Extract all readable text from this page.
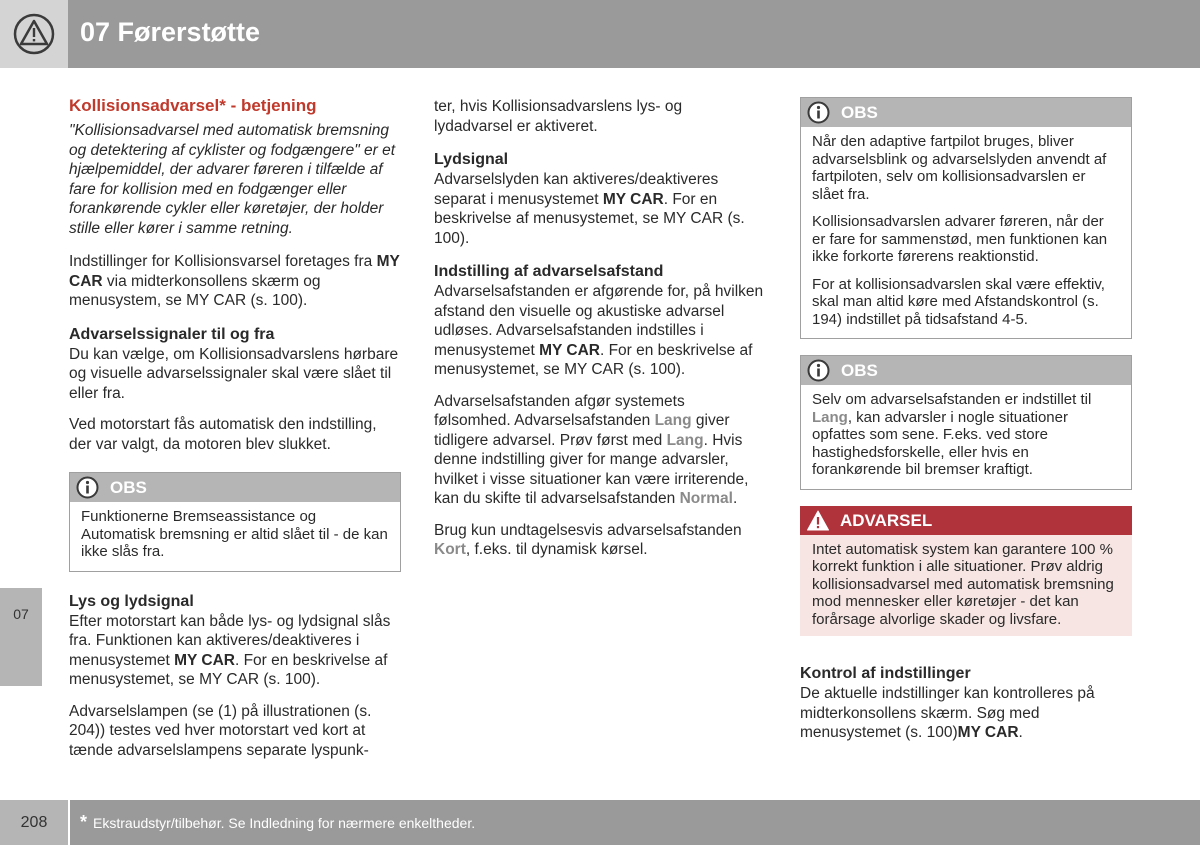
07 Førerstøtte
07
Kollisionsadvarsel* - betjening

"Kollisionsadvarsel med automatisk bremsning og detektering af cyklister og fodgængere" er et hjælpemiddel, der advarer føreren i tilfælde af fare for kollision med en fodgænger eller forankørende cykler eller køretøjer, der holder stille eller kører i samme retning.

Indstillinger for Kollisionsvarsel foretages fra MY CAR via midterkonsollens skærm og menusystem, se MY CAR (s. 100).

Advarselssignaler til og fra

Du kan vælge, om Kollisionsadvarslens hørbare og visuelle advarselssignaler skal være slået til eller fra.

Ved motorstart fås automatisk den indstilling, der var valgt, da motoren blev slukket.

OBS

Funktionerne Bremseassistance og Automatisk bremsning er altid slået til - de kan ikke slås fra.

Lys og lydsignal

Efter motorstart kan både lys- og lydsignal slås fra. Funktionen kan aktiveres/deaktiveres i menusystemet MY CAR. For en beskrivelse af menusystemet, se MY CAR (s. 100).

Advarselslampen (se (1) på illustrationen (s. 204)) testes ved hver motorstart ved kort at tænde advarselslampens separate lyspunk-

ter, hvis Kollisionsadvarslens lys- og lydadvarsel er aktiveret.

Lydsignal

Advarselslyden kan aktiveres/deaktiveres separat i menusystemet MY CAR. For en beskrivelse af menusystemet, se MY CAR (s. 100).

Indstilling af advarselsafstand

Advarselsafstanden er afgørende for, på hvilken afstand den visuelle og akustiske advarsel udløses. Advarselsafstanden indstilles i menusystemet MY CAR. For en beskrivelse af menusystemet, se MY CAR (s. 100).

Advarselsafstanden afgør systemets følsomhed. Advarselsafstanden Lang giver tidligere advarsel. Prøv først med Lang. Hvis denne indstilling giver for mange advarsler, hvilket i visse situationer kan være irriterende, kan du skifte til advarselsafstanden Normal.

Brug kun undtagelsesvis advarselsafstanden Kort, f.eks. til dynamisk kørsel.

OBS

Når den adaptive fartpilot bruges, bliver advarselsblink og advarselslyden anvendt af fartpiloten, selv om kollisionsadvarslen er slået fra.

Kollisionsadvarslen advarer føreren, når der er fare for sammenstød, men funktionen kan ikke forkorte førerens reaktionstid.

For at kollisionsadvarslen skal være effektiv, skal man altid køre med Afstandskontrol (s. 194) indstillet på tidsafstand 4-5.

OBS

Selv om advarselsafstanden er indstillet til Lang, kan advarsler i nogle situationer opfattes som sene. F.eks. ved store hastighedsforskelle, eller hvis en forankørende bil bremser kraftigt.

ADVARSEL
Intet automatisk system kan garantere 100 % korrekt funktion i alle situationer. Prøv aldrig kollisionsadvarsel med automatisk bremsning mod mennesker eller køretøjer - det kan forårsage alvorlige skader og livsfare.
Kontrol af indstillinger

De aktuelle indstillinger kan kontrolleres på midterkonsollens skærm. Søg med menusystemet (s. 100)MY CAR.

208	* Ekstraudstyr/tilbehør. Se Indledning for nærmere enkeltheder.
